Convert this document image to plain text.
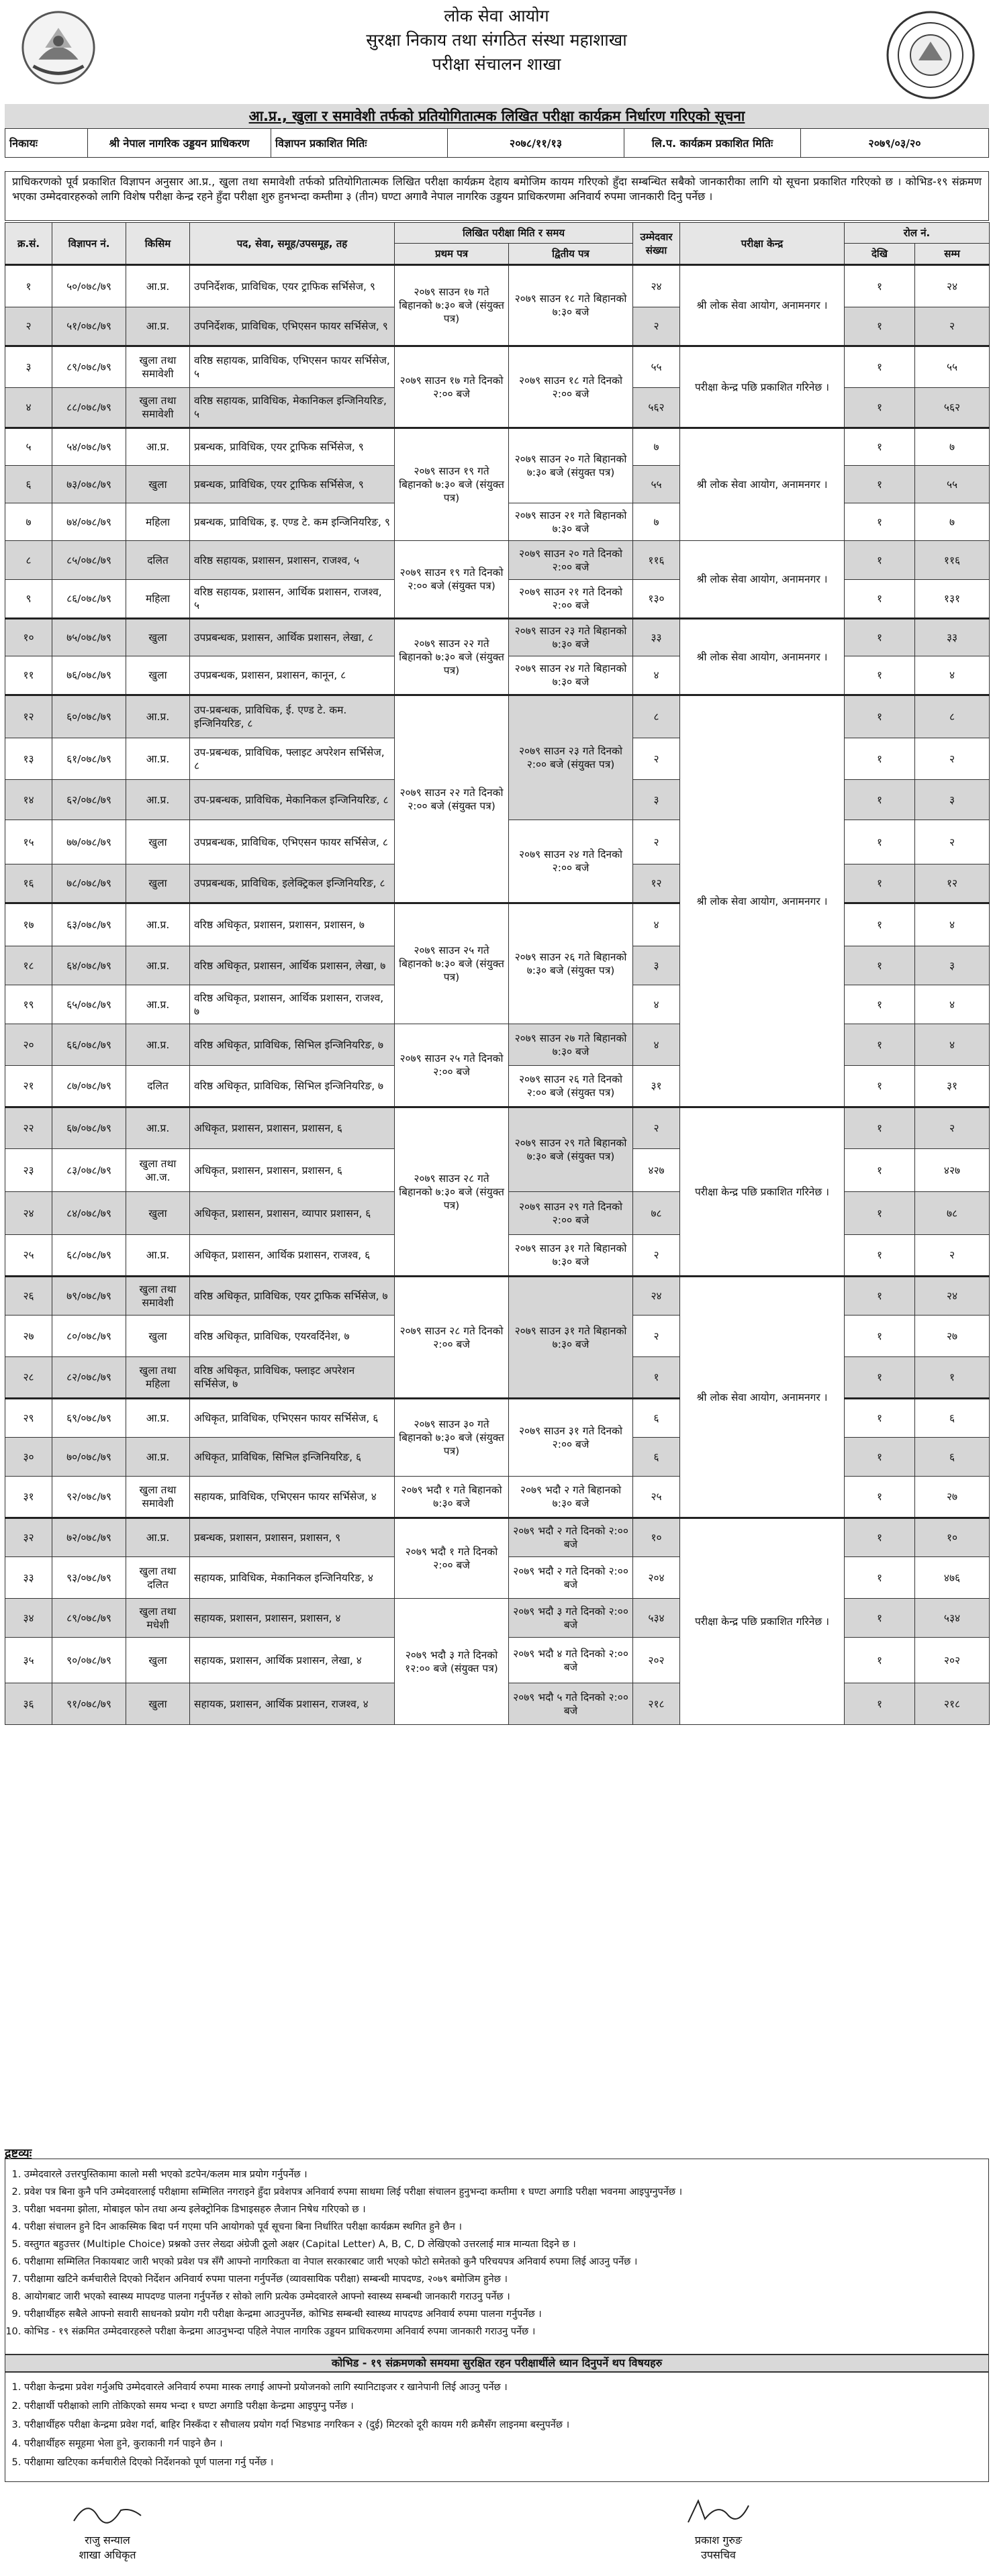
लोक सेवा आयोग
सुरक्षा निकाय तथा संगठित संस्था महाशाखा
परीक्षा संचालन शाखा
आ.प्र., खुला र समावेशी तर्फको प्रतियोगितात्मक लिखित परीक्षा कार्यक्रम निर्धारण गरिएको सूचना
निकायः	श्री नेपाल नागरिक उड्डयन प्राधिकरण	विज्ञापन प्रकाशित मितिः	२०७८/११/१३	लि.प. कार्यक्रम प्रकाशित मितिः	२०७९/०३/२०
प्राधिकरणको पूर्व प्रकाशित विज्ञापन अनुसार आ.प्र., खुला तथा समावेशी तर्फको प्रतियोगितात्मक लिखित परीक्षा कार्यक्रम देहाय बमोजिम कायम गरिएको हुँदा सम्बन्धित सबैको जानकारीका लागि यो सूचना प्रकाशित गरिएको छ । कोभिड-१९ संक्रमण भएका उम्मेदवारहरुको लागि विशेष परीक्षा केन्द्र रहने हुँदा परीक्षा शुरु हुनभन्दा कम्तीमा ३ (तीन) घण्टा अगावै नेपाल नागरिक उड्डयन प्राधिकरणमा अनिवार्य रुपमा जानकारी दिनु पर्नेछ ।
क्र.सं.	विज्ञापन नं.	किसिम	पद, सेवा, समूह/उपसमूह, तह	लिखित परीक्षा मिति र समय		उम्मेदवार संख्या	परीक्षा केन्द्र	रोल नं.	
				प्रथम पत्र	द्वितीय पत्र			देखि	सम्म
१	५०/०७८/७९	आ.प्र.	उपनिर्देशक, प्राविधिक, एयर ट्राफिक सर्भिसेज, ९	२०७९ साउन १७ गते बिहानको ७:३० बजे (संयुक्त पत्र)	२०७९ साउन १८ गते बिहानको ७:३० बजे	२४	श्री लोक सेवा आयोग, अनामनगर ।	१	२४
२	५१/०७८/७९	आ.प्र.	उपनिर्देशक, प्राविधिक, एभिएसन फायर सर्भिसेज, ९			२		१	२
३	८९/०७८/७९	खुला तथा समावेशी	वरिष्ठ सहायक, प्राविधिक, एभिएसन फायर सर्भिसेज, ५	२०७९ साउन १७ गते दिनको २:०० बजे	२०७९ साउन १८ गते दिनको २:०० बजे	५५	परीक्षा केन्द्र पछि प्रकाशित गरिनेछ ।	१	५५
४	८८/०७८/७९	खुला तथा समावेशी	वरिष्ठ सहायक, प्राविधिक, मेकानिकल इन्जिनियरिङ, ५			५६२		१	५६२
५	५४/०७८/७९	आ.प्र.	प्रबन्धक, प्राविधिक, एयर ट्राफिक सर्भिसेज, ९	२०७९ साउन १९ गते बिहानको ७:३० बजे (संयुक्त पत्र)	२०७९ साउन २० गते बिहानको ७:३० बजे (संयुक्त पत्र)	७	श्री लोक सेवा आयोग, अनामनगर ।	१	७
६	७३/०७८/७९	खुला	प्रबन्धक, प्राविधिक, एयर ट्राफिक सर्भिसेज, ९			५५		१	५५
७	७४/०७८/७९	महिला	प्रबन्धक, प्राविधिक, इ. एण्ड टे. कम इन्जिनियरिङ, ९		२०७९ साउन २१ गते बिहानको ७:३० बजे	७		१	७
८	८५/०७८/७९	दलित	वरिष्ठ सहायक, प्रशासन, प्रशासन, राजश्व, ५	२०७९ साउन १९ गते दिनको २:०० बजे (संयुक्त पत्र)	२०७९ साउन २० गते दिनको २:०० बजे	११६	श्री लोक सेवा आयोग, अनामनगर ।	१	११६
९	८६/०७८/७९	महिला	वरिष्ठ सहायक, प्रशासन, आर्थिक प्रशासन, राजश्व, ५		२०७९ साउन २१ गते दिनको २:०० बजे	१३०		१	१३१
१०	७५/०७८/७९	खुला	उपप्रबन्धक, प्रशासन, आर्थिक प्रशासन, लेखा, ८	२०७९ साउन २२ गते बिहानको ७:३० बजे (संयुक्त पत्र)	२०७९ साउन २३ गते बिहानको ७:३० बजे	३३	श्री लोक सेवा आयोग, अनामनगर ।	१	३३
११	७६/०७८/७९	खुला	उपप्रबन्धक, प्रशासन, प्रशासन, कानून, ८		२०७९ साउन २४ गते बिहानको ७:३० बजे	४		१	४
१२	६०/०७८/७९	आ.प्र.	उप-प्रबन्धक, प्राविधिक, ई. एण्ड टे. कम. इन्जिनियरिङ, ८	२०७९ साउन २२ गते दिनको २:०० बजे (संयुक्त पत्र)	२०७९ साउन २३ गते दिनको २:०० बजे (संयुक्त पत्र)	८	श्री लोक सेवा आयोग, अनामनगर ।	१	८
१३	६१/०७८/७९	आ.प्र.	उप-प्रबन्धक, प्राविधिक, फ्लाइट अपरेशन सर्भिसेज, ८			२		१	२
१४	६२/०७८/७९	आ.प्र.	उप-प्रबन्धक, प्राविधिक, मेकानिकल इन्जिनियरिङ, ८			३		१	३
१५	७७/०७८/७९	खुला	उपप्रबन्धक, प्राविधिक, एभिएसन फायर सर्भिसेज, ८		२०७९ साउन २४ गते दिनको २:०० बजे	२		१	२
१६	७८/०७८/७९	खुला	उपप्रबन्धक, प्राविधिक, इलेक्ट्रिकल इन्जिनियरिङ, ८			१२		१	१२
१७	६३/०७८/७९	आ.प्र.	वरिष्ठ अधिकृत, प्रशासन, प्रशासन, प्रशासन, ७	२०७९ साउन २५ गते बिहानको ७:३० बजे (संयुक्त पत्र)	२०७९ साउन २६ गते बिहानको ७:३० बजे (संयुक्त पत्र)	४		१	४
१८	६४/०७८/७९	आ.प्र.	वरिष्ठ अधिकृत, प्रशासन, आर्थिक प्रशासन, लेखा, ७			३		१	३
१९	६५/०७८/७९	आ.प्र.	वरिष्ठ अधिकृत, प्रशासन, आर्थिक प्रशासन, राजश्व, ७			४		१	४
२०	६६/०७८/७९	आ.प्र.	वरिष्ठ अधिकृत, प्राविधिक, सिभिल इन्जिनियरिङ, ७	२०७९ साउन २५ गते दिनको २:०० बजे	२०७९ साउन २७ गते बिहानको ७:३० बजे	४		१	४
२१	८७/०७८/७९	दलित	वरिष्ठ अधिकृत, प्राविधिक, सिभिल इन्जिनियरिङ, ७		२०७९ साउन २६ गते दिनको २:०० बजे (संयुक्त पत्र)	३१		१	३१
२२	६७/०७८/७९	आ.प्र.	अधिकृत, प्रशासन, प्रशासन, प्रशासन, ६	२०७९ साउन २८ गते बिहानको ७:३० बजे (संयुक्त पत्र)	२०७९ साउन २९ गते बिहानको ७:३० बजे (संयुक्त पत्र)	२	परीक्षा केन्द्र पछि प्रकाशित गरिनेछ ।	१	२
२३	८३/०७८/७९	खुला तथा आ.ज.	अधिकृत, प्रशासन, प्रशासन, प्रशासन, ६			४२७		१	४२७
२४	८४/०७८/७९	खुला	अधिकृत, प्रशासन, प्रशासन, व्यापार प्रशासन, ६		२०७९ साउन २९ गते दिनको २:०० बजे	७८		१	७८
२५	६८/०७८/७९	आ.प्र.	अधिकृत, प्रशासन, आर्थिक प्रशासन, राजश्व, ६		२०७९ साउन ३१ गते बिहानको ७:३० बजे	२		१	२
२६	७९/०७८/७९	खुला तथा समावेशी	वरिष्ठ अधिकृत, प्राविधिक, एयर ट्राफिक सर्भिसेज, ७	२०७९ साउन २८ गते दिनको २:०० बजे	२०७९ साउन ३१ गते बिहानको ७:३० बजे	२४	श्री लोक सेवा आयोग, अनामनगर ।	१	२४
२७	८०/०७८/७९	खुला	वरिष्ठ अधिकृत, प्राविधिक, एयरवर्दिनेश, ७			२		१	२७
२८	८२/०७८/७९	खुला तथा महिला	वरिष्ठ अधिकृत, प्राविधिक, फ्लाइट अपरेशन सर्भिसेज, ७			१		१	१
२९	६९/०७८/७९	आ.प्र.	अधिकृत, प्राविधिक, एभिएसन फायर सर्भिसेज, ६	२०७९ साउन ३० गते बिहानको ७:३० बजे (संयुक्त पत्र)	२०७९ साउन ३१ गते दिनको २:०० बजे	६		१	६
३०	७०/०७८/७९	आ.प्र.	अधिकृत, प्राविधिक, सिभिल इन्जिनियरिङ, ६			६		१	६
३१	९२/०७८/७९	खुला तथा समावेशी	सहायक, प्राविधिक, एभिएसन फायर सर्भिसेज, ४	२०७९ भदौ १ गते बिहानको ७:३० बजे	२०७९ भदौ २ गते बिहानको ७:३० बजे	२५		१	२७
३२	७२/०७८/७९	आ.प्र.	प्रबन्धक, प्रशासन, प्रशासन, प्रशासन, ९	२०७९ भदौ १ गते दिनको २:०० बजे	२०७९ भदौ २ गते दिनको २:०० बजे	१०	परीक्षा केन्द्र पछि प्रकाशित गरिनेछ ।	१	१०
३३	९३/०७८/७९	खुला तथा दलित	सहायक, प्राविधिक, मेकानिकल इन्जिनियरिङ, ४		२०७९ भदौ २ गते दिनको २:०० बजे	२०४		१	४७६
३४	८९/०७८/७९	खुला तथा मधेशी	सहायक, प्रशासन, प्रशासन, प्रशासन, ४	२०७९ भदौ ३ गते दिनको १२:०० बजे (संयुक्त पत्र)	२०७९ भदौ ३ गते दिनको २:०० बजे	५३४		१	५३४
३५	९०/०७८/७९	खुला	सहायक, प्रशासन, आर्थिक प्रशासन, लेखा, ४		२०७९ भदौ ४ गते दिनको २:०० बजे	२०२		१	२०२
३६	९१/०७८/७९	खुला	सहायक, प्रशासन, आर्थिक प्रशासन, राजश्व, ४		२०७९ भदौ ५ गते दिनको २:०० बजे	२१८		१	२१८
द्रष्टव्यः
1. उम्मेदवारले उत्तरपुस्तिकामा कालो मसी भएको डटपेन/कलम मात्र प्रयोग गर्नुपर्नेछ ।
2. प्रवेश पत्र बिना कुनै पनि उम्मेदवारलाई परीक्षामा सम्मिलित नगराइने हुँदा प्रवेशपत्र अनिवार्य रुपमा साथमा लिई परीक्षा संचालन हुनुभन्दा कम्तीमा १ घण्टा अगाडि परीक्षा भवनमा आइपुग्नुपर्नेछ ।
3. परीक्षा भवनमा झोला, मोबाइल फोन तथा अन्य इलेक्ट्रोनिक डिभाइसहरु लैजान निषेध गरिएको छ ।
4. परीक्षा संचालन हुने दिन आकस्मिक बिदा पर्न गएमा पनि आयोगको पूर्व सूचना बिना निर्धारित परीक्षा कार्यक्रम स्थगित हुने छैन ।
5. वस्तुगत बहुउत्तर (Multiple Choice) प्रश्नको उत्तर लेख्दा अंग्रेजी ठूलो अक्षर (Capital Letter) A, B, C, D लेखिएको उत्तरलाई मात्र मान्यता दिइने छ ।
6. परीक्षामा सम्मिलित निकायबाट जारी भएको प्रवेश पत्र सँगै आफ्नो नागरिकता वा नेपाल सरकारबाट जारी भएको फोटो समेतको कुनै परिचयपत्र अनिवार्य रुपमा लिई आउनु पर्नेछ ।
7. परीक्षामा खटिने कर्मचारीले दिएको निर्देशन अनिवार्य रुपमा पालना गर्नुपर्नेछ (व्यावसायिक परीक्षा) सम्बन्धी मापदण्ड, २०७९ बमोजिम हुनेछ ।
8. आयोगबाट जारी भएको स्वास्थ्य मापदण्ड पालना गर्नुपर्नेछ र सोको लागि प्रत्येक उम्मेदवारले आफ्नो स्वास्थ्य सम्बन्धी जानकारी गराउनु पर्नेछ ।
9. परीक्षार्थीहरु सबैले आफ्नो सवारी साधनको प्रयोग गरी परीक्षा केन्द्रमा आउनुपर्नेछ, कोभिड सम्बन्धी स्वास्थ्य मापदण्ड अनिवार्य रुपमा पालना गर्नुपर्नेछ ।
10. कोभिड - १९ संक्रमित उम्मेदवारहरुले परीक्षा केन्द्रमा आउनुभन्दा पहिले नेपाल नागरिक उड्डयन प्राधिकरणमा अनिवार्य रुपमा जानकारी गराउनु पर्नेछ ।
कोभिड - १९ संक्रमणको समयमा सुरक्षित रहन परीक्षार्थीले ध्यान दिनुपर्ने थप विषयहरु
1. परीक्षा केन्द्रमा प्रवेश गर्नुअघि उम्मेदवारले अनिवार्य रुपमा मास्क लगाई आफ्नो प्रयोजनको लागि स्यानिटाइजर र खानेपानी लिई आउनु पर्नेछ ।
2. परीक्षार्थी परीक्षाको लागि तोकिएको समय भन्दा १ घण्टा अगाडि परीक्षा केन्द्रमा आइपुग्नु पर्नेछ ।
3. परीक्षार्थीहरु परीक्षा केन्द्रमा प्रवेश गर्दा, बाहिर निस्कँदा र सौचालय प्रयोग गर्दा भिडभाड नगरिकन २ (दुई) मिटरको दूरी कायम गरी क्रमैसँग लाइनमा बस्नुपर्नेछ ।
4. परीक्षार्थीहरु समूहमा भेला हुने, कुराकानी गर्न पाइने छैन ।
5. परीक्षामा खटिएका कर्मचारीले दिएको निर्देशनको पूर्ण पालना गर्नु पर्नेछ ।
राजु सन्याल
शाखा अधिकृत
प्रकाश गुरुङ
उपसचिव
